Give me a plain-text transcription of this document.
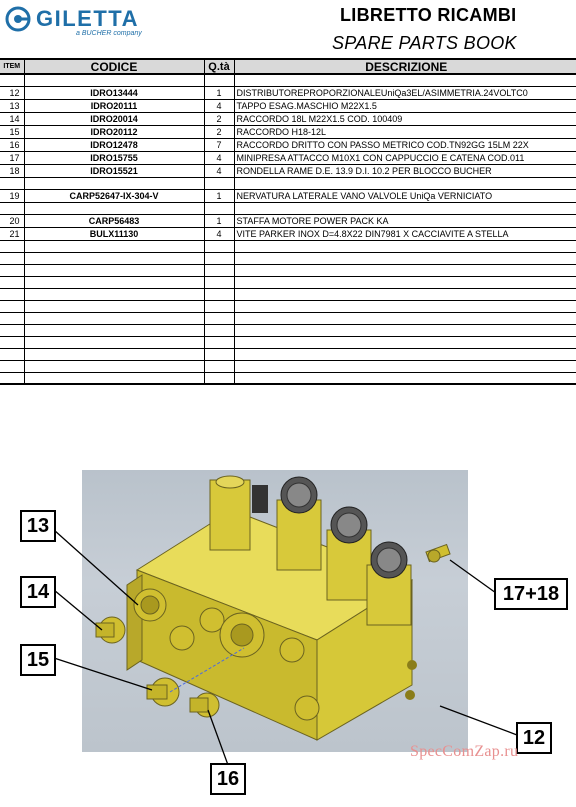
GILETTA
a BUCHER company
LIBRETTO RICAMBI
SPARE PARTS BOOK
ITEM	CODICE	Q.tà	DESCRIZIONE

12	IDRO13444	1	DISTRIBUTOREPROPORZIONALEUniQa3EL/ASIMMETRIA.24VOLTC0
13	IDRO20111	4	TAPPO ESAG.MASCHIO M22X1.5
14	IDRO20014	2	RACCORDO 18L M22X1.5 COD. 100409
15	IDRO20112	2	RACCORDO H18-12L
16	IDRO12478	7	RACCORDO DRITTO CON PASSO METRICO COD.TN92GG 15LM 22X
17	IDRO15755	4	MINIPRESA ATTACCO M10X1 CON CAPPUCCIO E CATENA COD.011
18	IDRO15521	4	RONDELLA RAME D.E. 13.9 D.I. 10.2 PER BLOCCO BUCHER

19	CARP52647-IX-304-V	1	NERVATURA LATERALE VANO VALVOLE UniQa VERNICIATO

20	CARP56483	1	STAFFA MOTORE POWER PACK KA
21	BULX11130	4	VITE PARKER INOX D=4.8X22 DIN7981 X CACCIAVITE A STELLA

13
14
15
16
17+18
12
SpecComZap.ru
